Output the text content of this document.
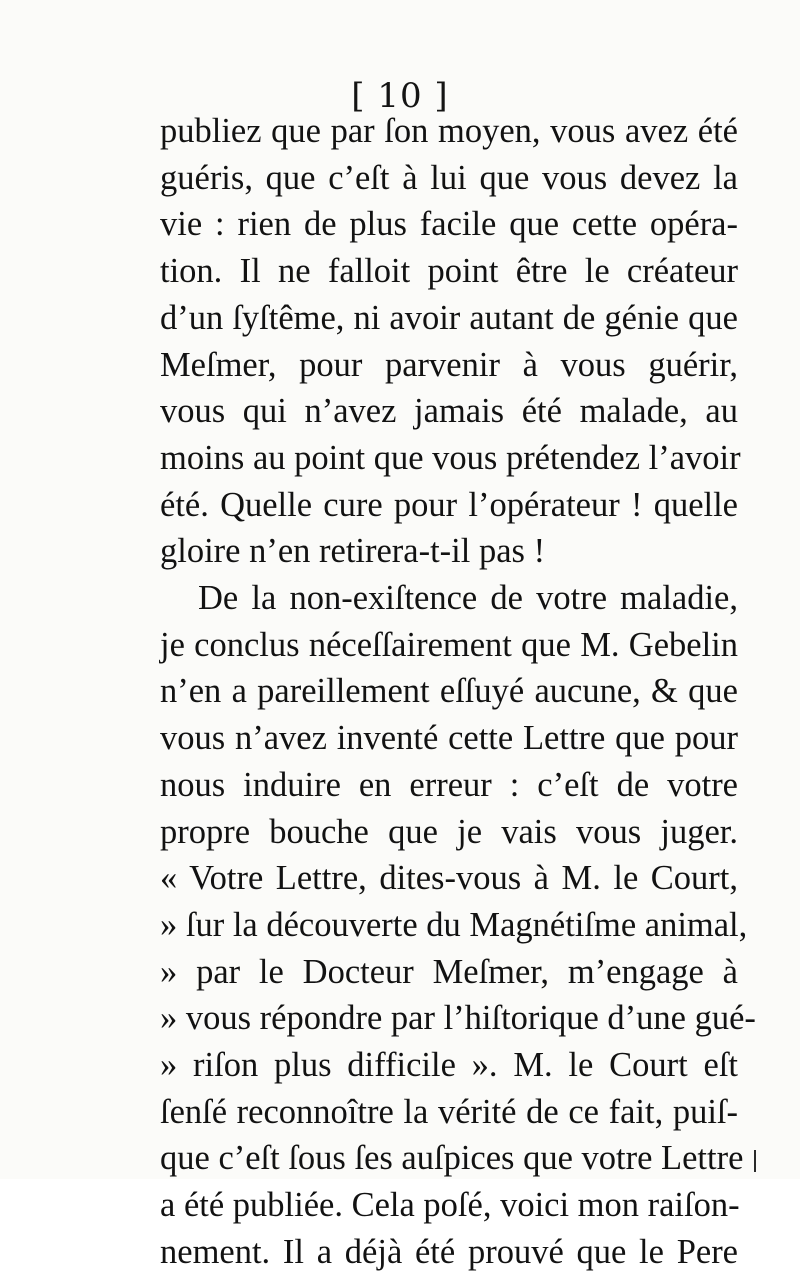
[ 10 ]

publiez que par ſon moyen, vous avez été
guéris, que c’eſt à lui que vous devez la
vie : rien de plus facile que cette opéra-
tion. Il ne falloit point être le créateur
d’un ſyſtême, ni avoir autant de génie que
Meſmer, pour parvenir à vous guérir,
vous qui n’avez jamais été malade, au
moins au point que vous prétendez l’avoir
été. Quelle cure pour l’opérateur ! quelle
gloire n’en retirera-t-il pas !
De la non-exiſtence de votre maladie,
je conclus néceſſairement que M. Gebelin
n’en a pareillement eſſuyé aucune, & que
vous n’avez inventé cette Lettre que pour
nous induire en erreur : c’eſt de votre
propre bouche que je vais vous juger.
« Votre Lettre, dites-vous à M. le Court,
» ſur la découverte du Magnétiſme animal,
» par le Docteur Meſmer, m’engage à
» vous répondre par l’hiſtorique d’une gué-
» riſon plus difficile ». M. le Court eſt
ſenſé reconnoître la vérité de ce fait, puiſ-
que c’eſt ſous ſes auſpices que votre Lettre
a été publiée. Cela poſé, voici mon raiſon-
nement. Il a déjà été prouvé que le Pere
